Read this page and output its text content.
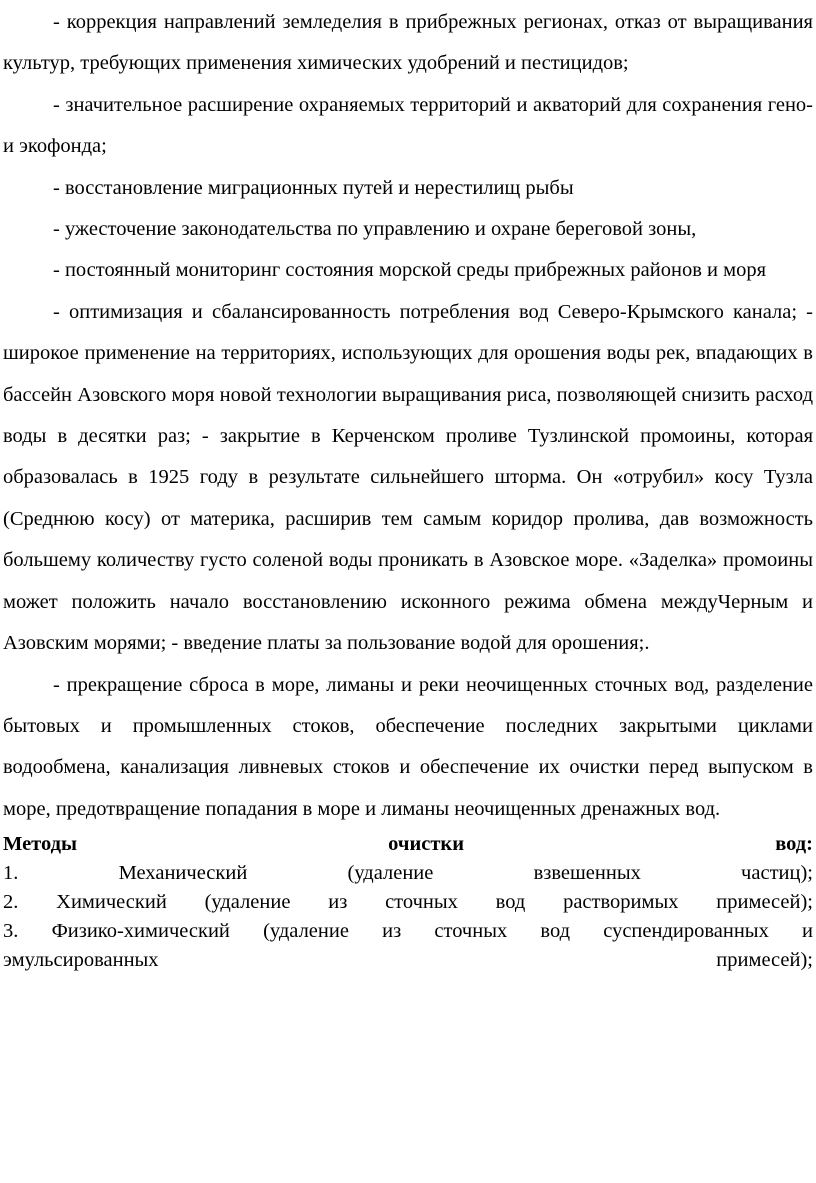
- коррекция направлений земледелия в прибрежных регионах, отказ от выращивания культур, требующих применения химических удобрений и пестицидов;

- значительное расширение охраняемых территорий и акваторий для сохранения гено- и экофонда;

- восстановление миграционных путей и нерестилищ рыбы

- ужесточение законодательства по управлению и охране береговой зоны,

- постоянный мониторинг состояния морской среды прибрежных районов и моря

- оптимизация и сбалансированность потребления вод Северо-Крымского канала; - широкое применение на территориях, использующих для орошения воды рек, впадающих в бассейн Азовского моря новой технологии выращивания риса, позволяющей снизить расход воды в десятки раз; - закрытие в Керченском проливе Тузлинской промоины, которая образовалась в 1925 году в результате сильнейшего шторма. Он «отрубил» косу Тузла (Среднюю косу) от материка, расширив тем самым коридор пролива, дав возможность большему количеству густо соленой воды проникать в Азовское море. «Заделка» промоины может положить начало восстановлению исконного режима обмена междуЧерным и Азовским морями; - введение платы за пользование водой для орошения;.

- прекращение сброса в море, лиманы и реки неочищенных сточных вод, разделение бытовых и промышленных стоков, обеспечение последних закрытыми циклами водообмена, канализация ливневых стоков и обеспечение их очистки перед выпуском в море, предотвращение попадания в море и лиманы неочищенных дренажных вод.

Методы очистки вод:
1. Механический (удаление взвешенных частиц);
2. Химический (удаление из сточных вод растворимых примесей);
3. Физико-химический (удаление из сточных вод суспендированных и
эмульсированных примесей);
